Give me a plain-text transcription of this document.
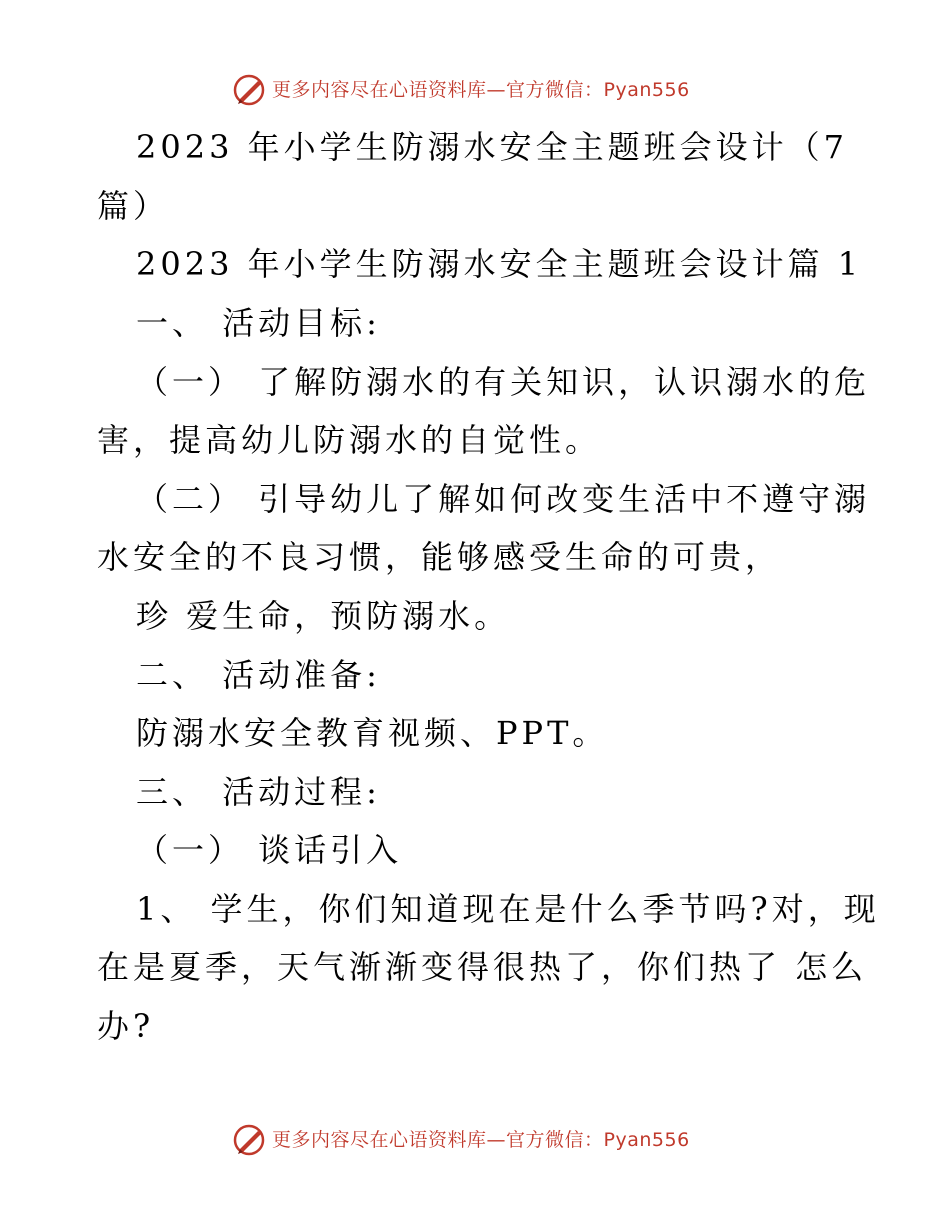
更多内容尽在心语资料库—官方微信：Pyan556
2023 年小学生防溺水安全主题班会设计（7
篇）
2023 年小学生防溺水安全主题班会设计篇 1
一、 活动目标:
（一） 了解防溺水的有关知识，认识溺水的危
害，提高幼儿防溺水的自觉性。
（二） 引导幼儿了解如何改变生活中不遵守溺
水安全的不良习惯，能够感受生命的可贵，
珍 爱生命，预防溺水。
二、 活动准备:
防溺水安全教育视频、PPT。
三、 活动过程:
（一） 谈话引入
1、 学生，你们知道现在是什么季节吗?对，现
在是夏季，天气渐渐变得很热了，你们热了 怎么
办?
更多内容尽在心语资料库—官方微信：Pyan556
